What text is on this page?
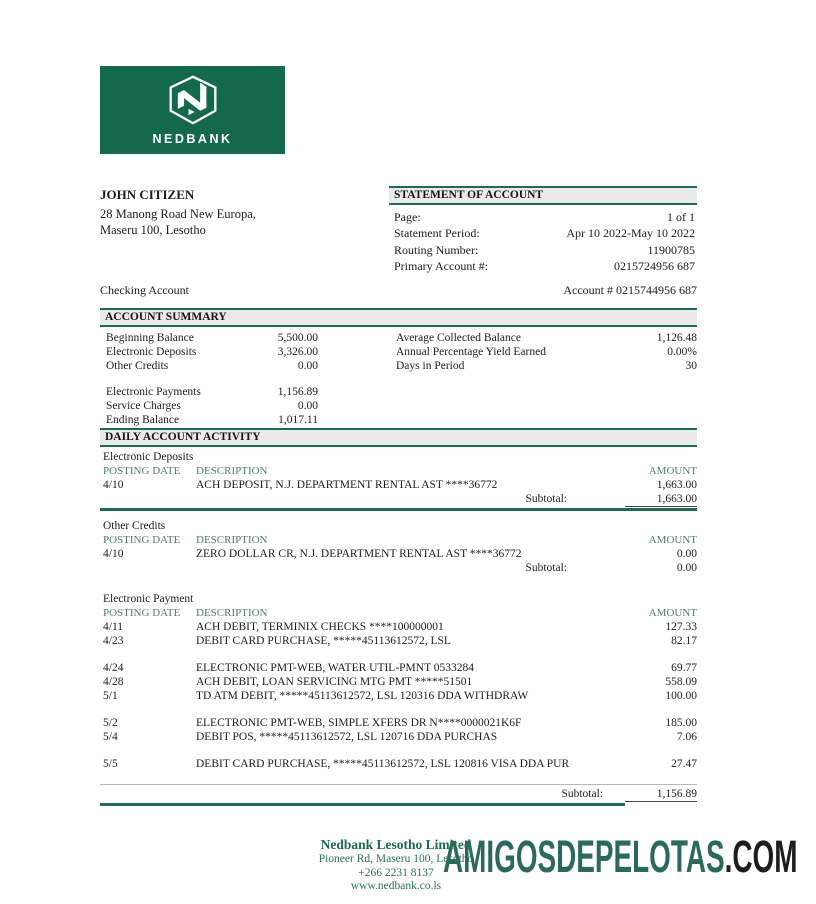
NEDBANK
JOHN CITIZEN
28 Manong Road New Europa,
Maseru 100, Lesotho
STATEMENT OF ACCOUNT
Page:	1 of 1
Statement Period:	Apr 10 2022-May 10 2022
Routing Number:	11900785
Primary Account #:	0215724956 687
Checking Account	Account # 0215744956 687
ACCOUNT SUMMARY
Beginning Balance	5,500.00
Electronic Deposits	3,326.00
Other Credits	0.00
Electronic Payments	1,156.89
Service Charges	0.00
Ending Balance	1,017.11
Average Collected Balance	1,126.48
Annual Percentage Yield Earned	0.00%
Days in Period	30
DAILY ACCOUNT ACTIVITY
Electronic Deposits
POSTING DATE	DESCRIPTION	AMOUNT
4/10	ACH DEPOSIT, N.J. DEPARTMENT RENTAL AST ****36772	1,663.00
Subtotal:	1,663.00
Other Credits
POSTING DATE	DESCRIPTION	AMOUNT
4/10	ZERO DOLLAR CR, N.J. DEPARTMENT RENTAL AST ****36772	0.00
Subtotal:	0.00
Electronic Payment
POSTING DATE	DESCRIPTION	AMOUNT
4/11	ACH DEBIT, TERMINIX CHECKS ****100000001	127.33
4/23	DEBIT CARD PURCHASE, *****45113612572, LSL	82.17
4/24	ELECTRONIC PMT-WEB, WATER UTIL-PMNT 0533284	69.77
4/28	ACH DEBIT, LOAN SERVICING MTG PMT *****51501	558.09
5/1	TD ATM DEBIT, *****45113612572, LSL 120316 DDA WITHDRAW	100.00
5/2	ELECTRONIC PMT-WEB, SIMPLE XFERS DR N****0000021K6F	185.00
5/4	DEBIT POS, *****45113612572, LSL 120716 DDA PURCHAS	7.06
5/5	DEBIT CARD PURCHASE, *****45113612572, LSL 120816 VISA DDA PUR	27.47
Subtotal:	1,156.89
Nedbank Lesotho Limited
Pioneer Rd, Maseru 100, Lesotho
+266 2231 8137
www.nedbank.co.ls
AMIGOSDEPELOTAS.COM
